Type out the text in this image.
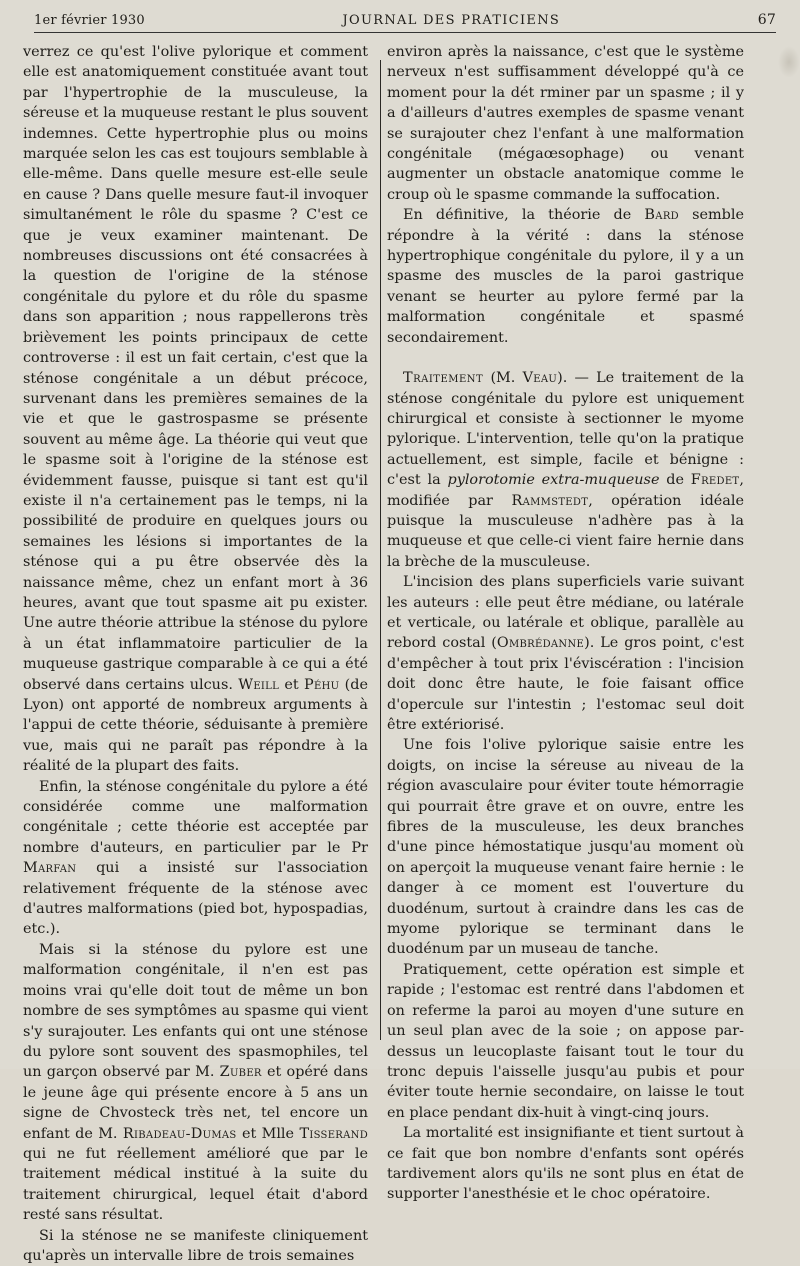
1er février 1930	JOURNAL DES PRATICIENS	67

verrez ce qu'est l'olive pylorique et comment elle est anatomiquement constituée avant tout par l'hypertrophie de la musculeuse, la séreuse et la muqueuse restant le plus souvent indemnes. Cette hypertrophie plus ou moins marquée selon les cas est toujours semblable à elle-même. Dans quelle mesure est-elle seule en cause ? Dans quelle mesure faut-il invoquer simultanément le rôle du spasme ? C'est ce que je veux examiner maintenant. De nombreuses discussions ont été consacrées à la question de l'origine de la sténose congénitale du pylore et du rôle du spasme dans son apparition ; nous rappellerons très brièvement les points principaux de cette controverse : il est un fait certain, c'est que la sténose congénitale a un début précoce, survenant dans les premières semaines de la vie et que le gastrospasme se présente souvent au même âge. La théorie qui veut que le spasme soit à l'origine de la sténose est évidemment fausse, puisque si tant est qu'il existe il n'a certainement pas le temps, ni la possibilité de produire en quelques jours ou semaines les lésions si importantes de la sténose qui a pu être observée dès la naissance même, chez un enfant mort à 36 heures, avant que tout spasme ait pu exister. Une autre théorie attribue la sténose du pylore à un état inflammatoire particulier de la muqueuse gastrique comparable à ce qui a été observé dans certains ulcus. Weill et Péhu (de Lyon) ont apporté de nombreux arguments à l'appui de cette théorie, séduisante à première vue, mais qui ne paraît pas répondre à la réalité de la plupart des faits.

Enfin, la sténose congénitale du pylore a été considérée comme une malformation congénitale ; cette théorie est acceptée par nombre d'auteurs, en particulier par le Pr Marfan qui a insisté sur l'association relativement fréquente de la sténose avec d'autres malformations (pied bot, hypospadias, etc.).

Mais si la sténose du pylore est une malformation congénitale, il n'en est pas moins vrai qu'elle doit tout de même un bon nombre de ses symptômes au spasme qui vient s'y surajouter. Les enfants qui ont une sténose du pylore sont souvent des spasmophiles, tel un garçon observé par M. Zuber et opéré dans le jeune âge qui présente encore à 5 ans un signe de Chvosteck très net, tel encore un enfant de M. Ribadeau-Dumas et Mlle Tisserand qui ne fut réellement amélioré que par le traitement médical institué à la suite du traitement chirurgical, lequel était d'abord resté sans résultat.

Si la sténose ne se manifeste cliniquement qu'après un intervalle libre de trois semaines

environ après la naissance, c'est que le système nerveux n'est suffisamment développé qu'à ce moment pour la dét rminer par un spasme ; il y a d'ailleurs d'autres exemples de spasme venant se surajouter chez l'enfant à une malformation congénitale (mégaœsophage) ou venant augmenter un obstacle anatomique comme le croup où le spasme commande la suffocation.

En définitive, la théorie de Bard semble répondre à la vérité : dans la sténose hypertrophique congénitale du pylore, il y a un spasme des muscles de la paroi gastrique venant se heurter au pylore fermé par la malformation congénitale et spasmé secondairement.

Traitement (M. Veau). — Le traitement de la sténose congénitale du pylore est uniquement chirurgical et consiste à sectionner le myome pylorique. L'intervention, telle qu'on la pratique actuellement, est simple, facile et bénigne : c'est la pylorotomie extra-muqueuse de Fredet, modifiée par Rammstedt, opération idéale puisque la musculeuse n'adhère pas à la muqueuse et que celle-ci vient faire hernie dans la brèche de la musculeuse.

L'incision des plans superficiels varie suivant les auteurs : elle peut être médiane, ou latérale et verticale, ou latérale et oblique, parallèle au rebord costal (Ombrédanne). Le gros point, c'est d'empêcher à tout prix l'éviscération : l'incision doit donc être haute, le foie faisant office d'opercule sur l'intestin ; l'estomac seul doit être extériorisé.

Une fois l'olive pylorique saisie entre les doigts, on incise la séreuse au niveau de la région avasculaire pour éviter toute hémorragie qui pourrait être grave et on ouvre, entre les fibres de la musculeuse, les deux branches d'une pince hémostatique jusqu'au moment où on aperçoit la muqueuse venant faire hernie : le danger à ce moment est l'ouverture du duodénum, surtout à craindre dans les cas de myome pylorique se terminant dans le duodénum par un museau de tanche.

Pratiquement, cette opération est simple et rapide ; l'estomac est rentré dans l'abdomen et on referme la paroi au moyen d'une suture en un seul plan avec de la soie ; on appose par-dessus un leucoplaste faisant tout le tour du tronc depuis l'aisselle jusqu'au pubis et pour éviter toute hernie secondaire, on laisse le tout en place pendant dix-huit à vingt-cinq jours.

La mortalité est insignifiante et tient surtout à ce fait que bon nombre d'enfants sont opérés tardivement alors qu'ils ne sont plus en état de supporter l'anesthésie et le choc opératoire.
